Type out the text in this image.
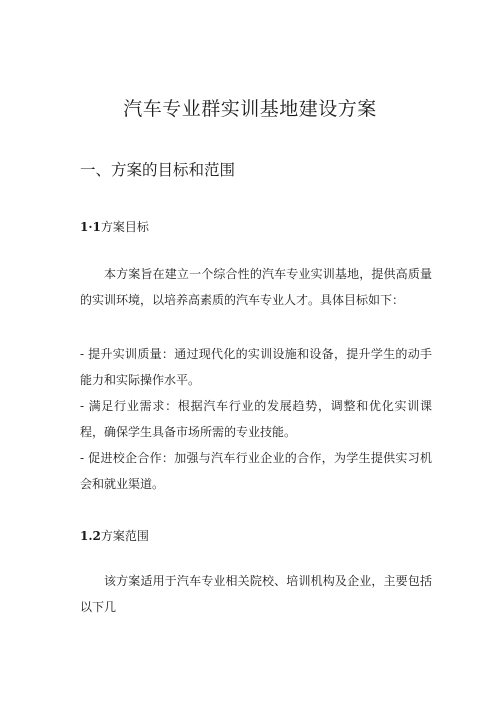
汽车专业群实训基地建设方案
一、方案的目标和范围
1·1方案目标

本方案旨在建立一个综合性的汽车专业实训基地，提供高质量的实训环境，以培养高素质的汽车专业人才。具体目标如下：

- 提升实训质量：通过现代化的实训设施和设备，提升学生的动手能力和实际操作水平。
- 满足行业需求：根据汽车行业的发展趋势，调整和优化实训课程，确保学生具备市场所需的专业技能。
- 促进校企合作：加强与汽车行业企业的合作，为学生提供实习机会和就业渠道。
1.2方案范围

该方案适用于汽车专业相关院校、培训机构及企业，主要包括以下几
